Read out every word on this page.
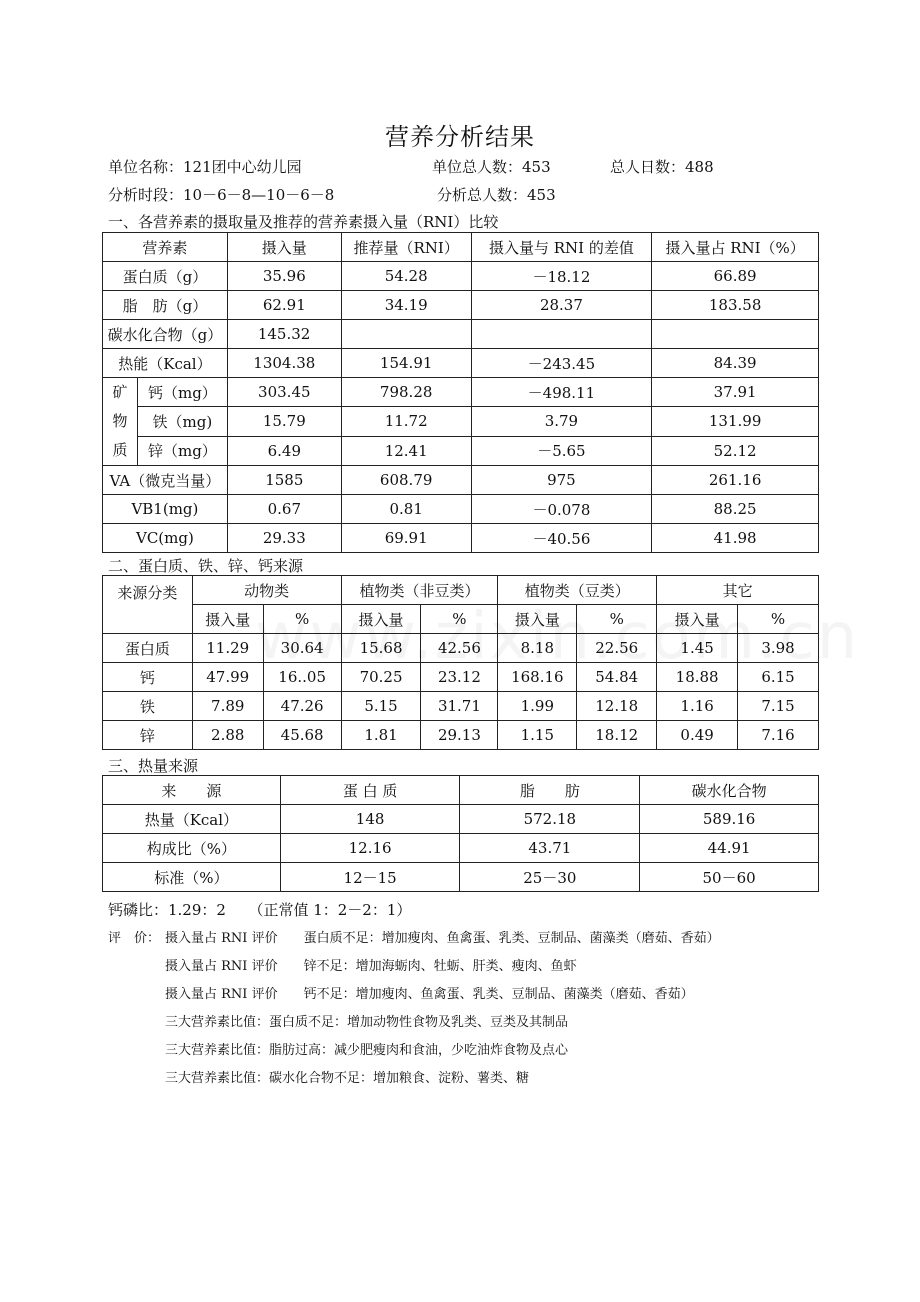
营养分析结果
单位名称：121团中心幼儿园	单位总人数：453	总人日数：488
分析时段：10－6－8—10－6－8	分析总人数：453
一、各营养素的摄取量及推荐的营养素摄入量（RNI）比较
营养素		摄入量	推荐量（RNI）	摄入量与 RNI 的差值	摄入量占 RNI（%）
蛋白质（g）		35.96	54.28	－18.12	66.89
脂　肪（g）		62.91	34.19	28.37	183.58
碳水化合物（g）		145.32			
热能（Kcal）		1304.38	154.91	－243.45	84.39
矿
物
质	钙（mg）	303.45	798.28	－498.11	37.91
	铁（mg)	15.79	11.72	3.79	131.99
	锌（mg）	6.49	12.41	－5.65	52.12
VA（微克当量）		1585	608.79	975	261.16
VB1(mg)		0.67	0.81	－0.078	88.25
VC(mg)		29.33	69.91	－40.56	41.98
二、蛋白质、铁、锌、钙来源
来源分类	动物类		植物类（非豆类）		植物类（豆类）		其它	
	摄入量	%	摄入量	%	摄入量	%	摄入量	%
蛋白质	11.29	30.64	15.68	42.56	8.18	22.56	1.45	3.98
钙	47.99	16..05	70.25	23.12	168.16	54.84	18.88	6.15
铁	7.89	47.26	5.15	31.71	1.99	12.18	1.16	7.15
锌	2.88	45.68	1.81	29.13	1.15	18.12	0.49	7.16
三、热量来源
来　　源	蛋 白 质	脂　　肪	碳水化合物
热量（Kcal）	148	572.18	589.16
构成比（%）	12.16	43.71	44.91
标准（%）	12－15	25－30	50－60
钙磷比：1.29：2　　（正常值 1：2－2：1）
评　价： 摄入量占 RNI 评价　　蛋白质不足：增加瘦肉、鱼禽蛋、乳类、豆制品、菌藻类（磨茹、香茹）
摄入量占 RNI 评价　　锌不足：增加海蛎肉、牡蛎、肝类、瘦肉、鱼虾
摄入量占 RNI 评价　　钙不足：增加瘦肉、鱼禽蛋、乳类、豆制品、菌藻类（磨茹、香茹）
三大营养素比值：蛋白质不足：增加动物性食物及乳类、豆类及其制品
三大营养素比值：脂肪过高：减少肥瘦肉和食油，少吃油炸食物及点心
三大营养素比值：碳水化合物不足：增加粮食、淀粉、薯类、糖
